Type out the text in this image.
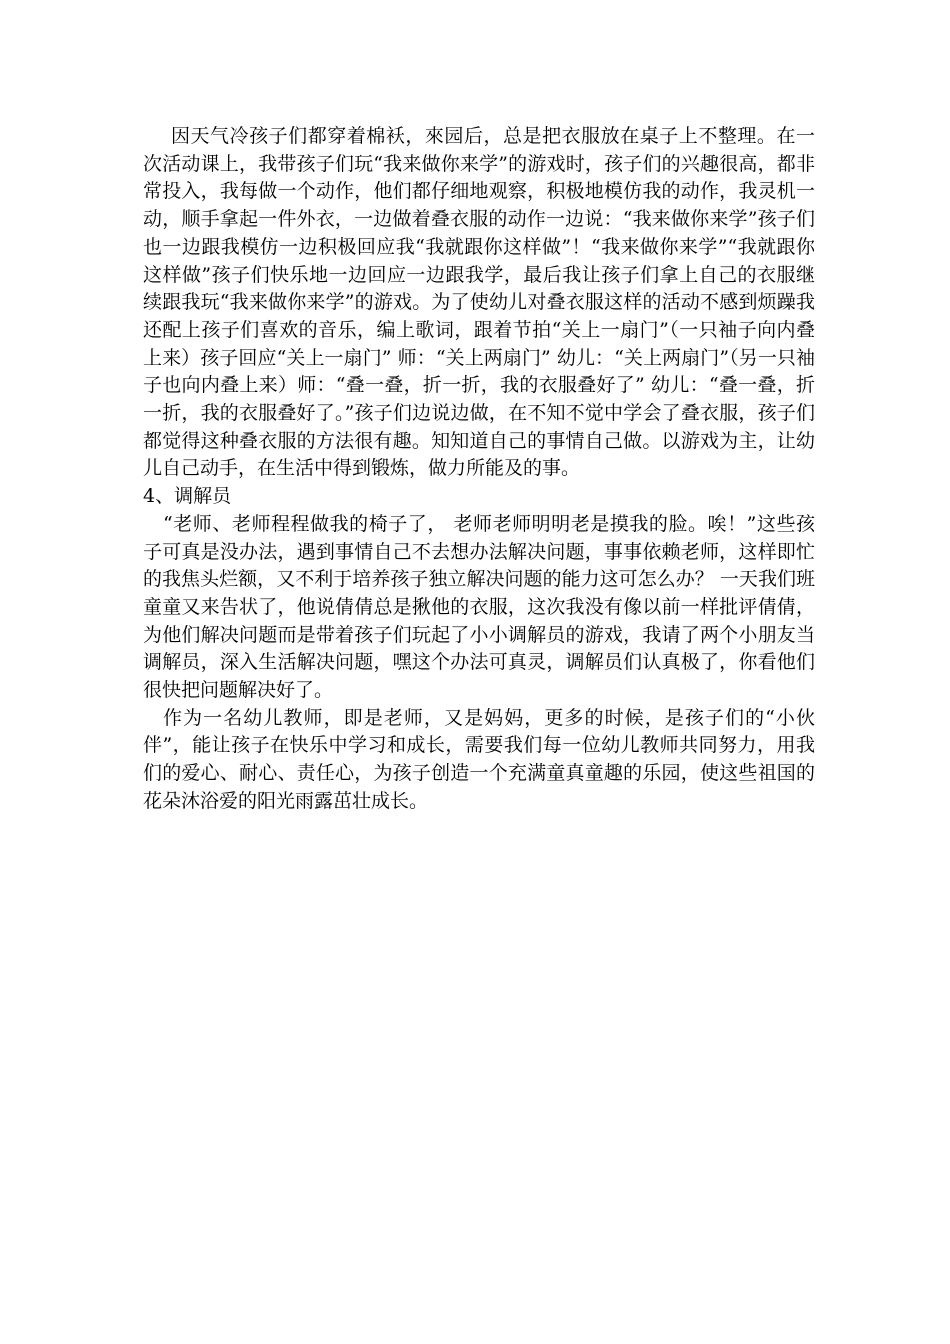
因天气冷孩子们都穿着棉袄，來园后，总是把衣服放在桌子上不整理。在一次活动课上，我带孩子们玩“我来做你来学”的游戏时，孩子们的兴趣很高，都非常投入，我每做一个动作，他们都仔细地观察，积极地模仿我的动作，我灵机一动，顺手拿起一件外衣，一边做着叠衣服的动作一边说：“我来做你来学”孩子们也一边跟我模仿一边积极回应我“我就跟你这样做”！“我来做你来学”“我就跟你这样做”孩子们快乐地一边回应一边跟我学，最后我让孩子们拿上自己的衣服继续跟我玩“我来做你来学”的游戏。为了使幼儿对叠衣服这样的活动不感到烦躁我还配上孩子们喜欢的音乐，编上歌词，跟着节拍“关上一扇门”（一只袖子向内叠上来）孩子回应“关上一扇门” 师：“关上两扇门” 幼儿：“关上两扇门”（另一只袖子也向内叠上来）师：“叠一叠，折一折，我的衣服叠好了” 幼儿：“叠一叠，折一折，我的衣服叠好了。”孩子们边说边做，在不知不觉中学会了叠衣服，孩子们都觉得这种叠衣服的方法很有趣。知知道自己的事情自己做。以游戏为主，让幼儿自己动手，在生活中得到锻炼，做力所能及的事。

4、调解员

“老师、老师程程做我的椅子了， 老师老师明明老是摸我的脸。唉！”这些孩子可真是没办法，遇到事情自己不去想办法解决问题，事事依赖老师，这样即忙的我焦头烂额，又不利于培养孩子独立解决问题的能力这可怎么办？ 一天我们班童童又来告状了，他说倩倩总是揪他的衣服，这次我没有像以前一样批评倩倩，为他们解决问题而是带着孩子们玩起了小小调解员的游戏，我请了两个小朋友当调解员，深入生活解决问题，嘿这个办法可真灵，调解员们认真极了，你看他们很快把问题解决好了。

作为一名幼儿教师，即是老师，又是妈妈，更多的时候，是孩子们的“小伙伴”，能让孩子在快乐中学习和成长，需要我们每一位幼儿教师共同努力，用我们的爱心、耐心、责任心，为孩子创造一个充满童真童趣的乐园，使这些祖国的花朵沐浴爱的阳光雨露茁壮成长。
